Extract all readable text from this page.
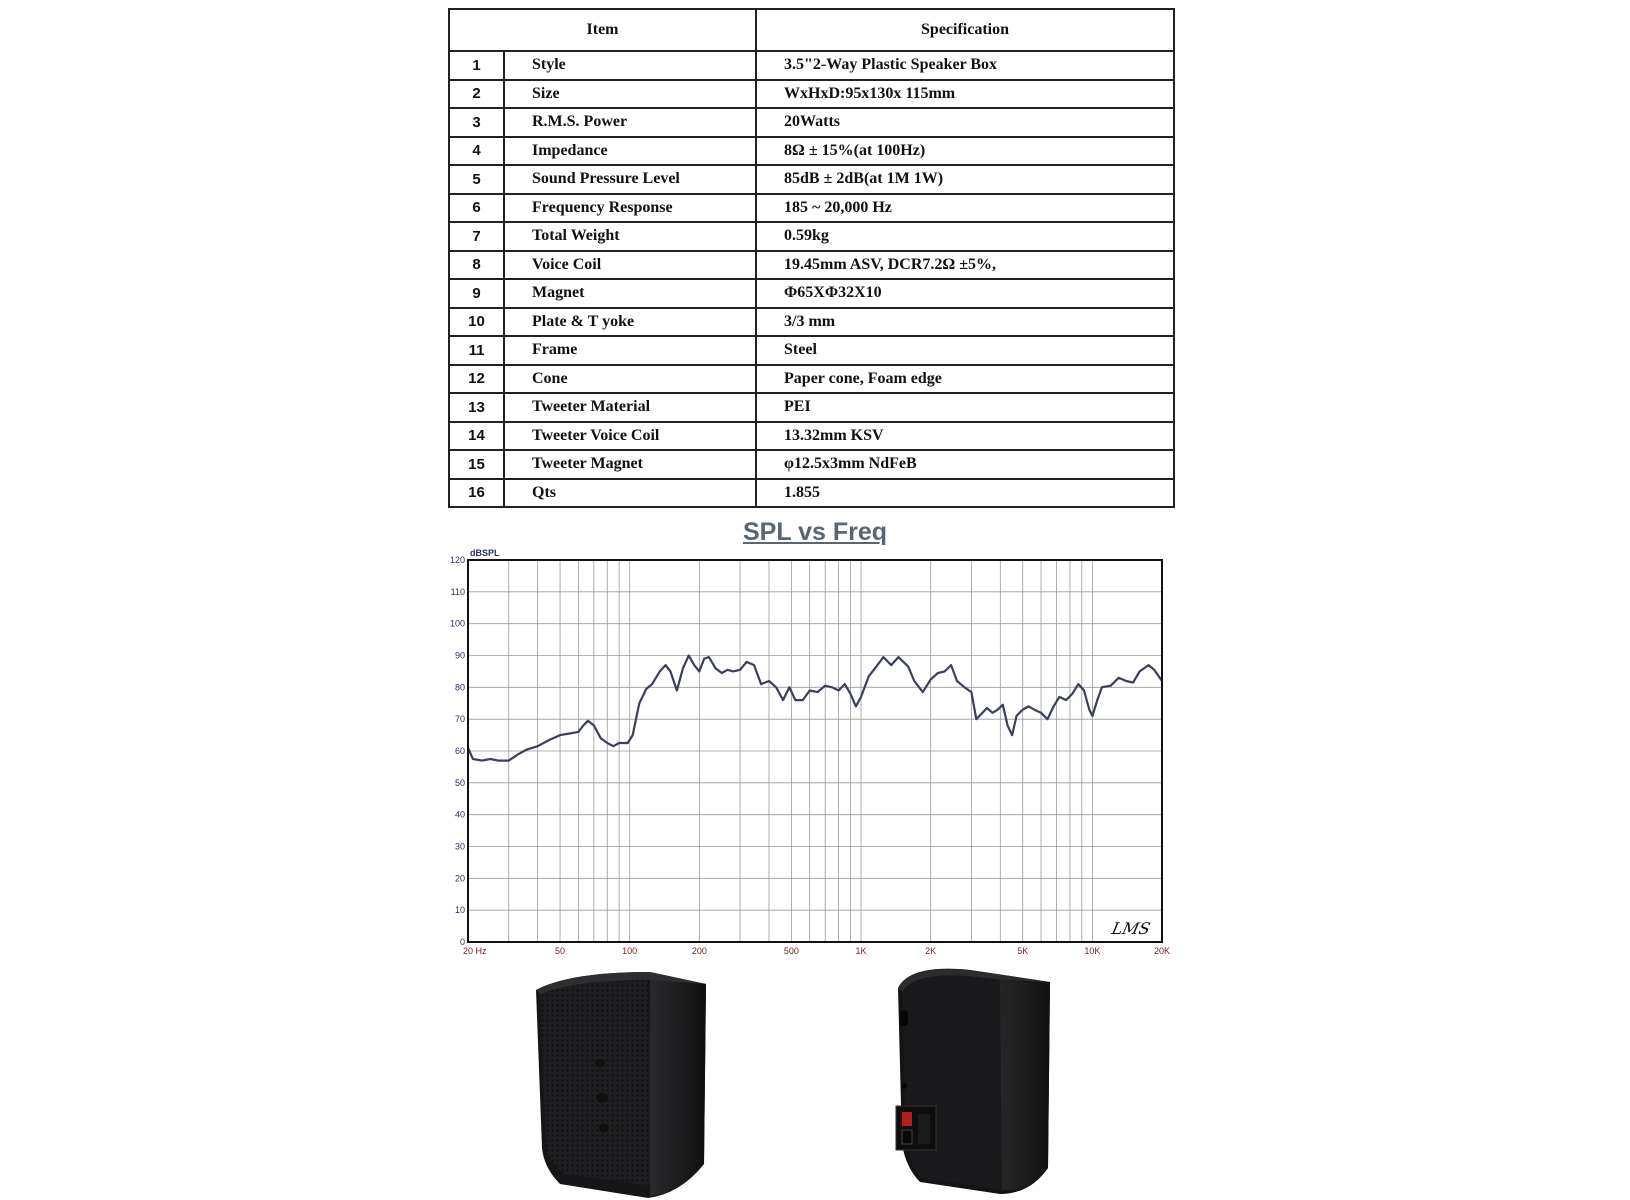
Item		Specification
1	Style	3.5"2-Way Plastic Speaker Box
2	Size	WxHxD:95x130x 115mm
3	R.M.S. Power	20Watts
4	Impedance	8Ω ± 15%(at 100Hz)
5	Sound Pressure Level	85dB ± 2dB(at 1M 1W)
6	Frequency Response	185 ~ 20,000 Hz
7	Total Weight	0.59kg
8	Voice Coil	19.45mm ASV, DCR7.2Ω ±5%,
9	Magnet	Φ65XΦ32X10
10	Plate & T yoke	3/3 mm
11	Frame	Steel
12	Cone	Paper cone, Foam edge
13	Tweeter Material	PEI
14	Tweeter Voice Coil	13.32mm KSV
15	Tweeter Magnet	φ12.5x3mm NdFeB
16	Qts	1.855
SPL vs Freq
0
10
20
30
40
50
60
70
80
90
100
110
120
20 Hz	50	100	200	500	1K	2K	5K	10K	20K
dBSPL
LMS
